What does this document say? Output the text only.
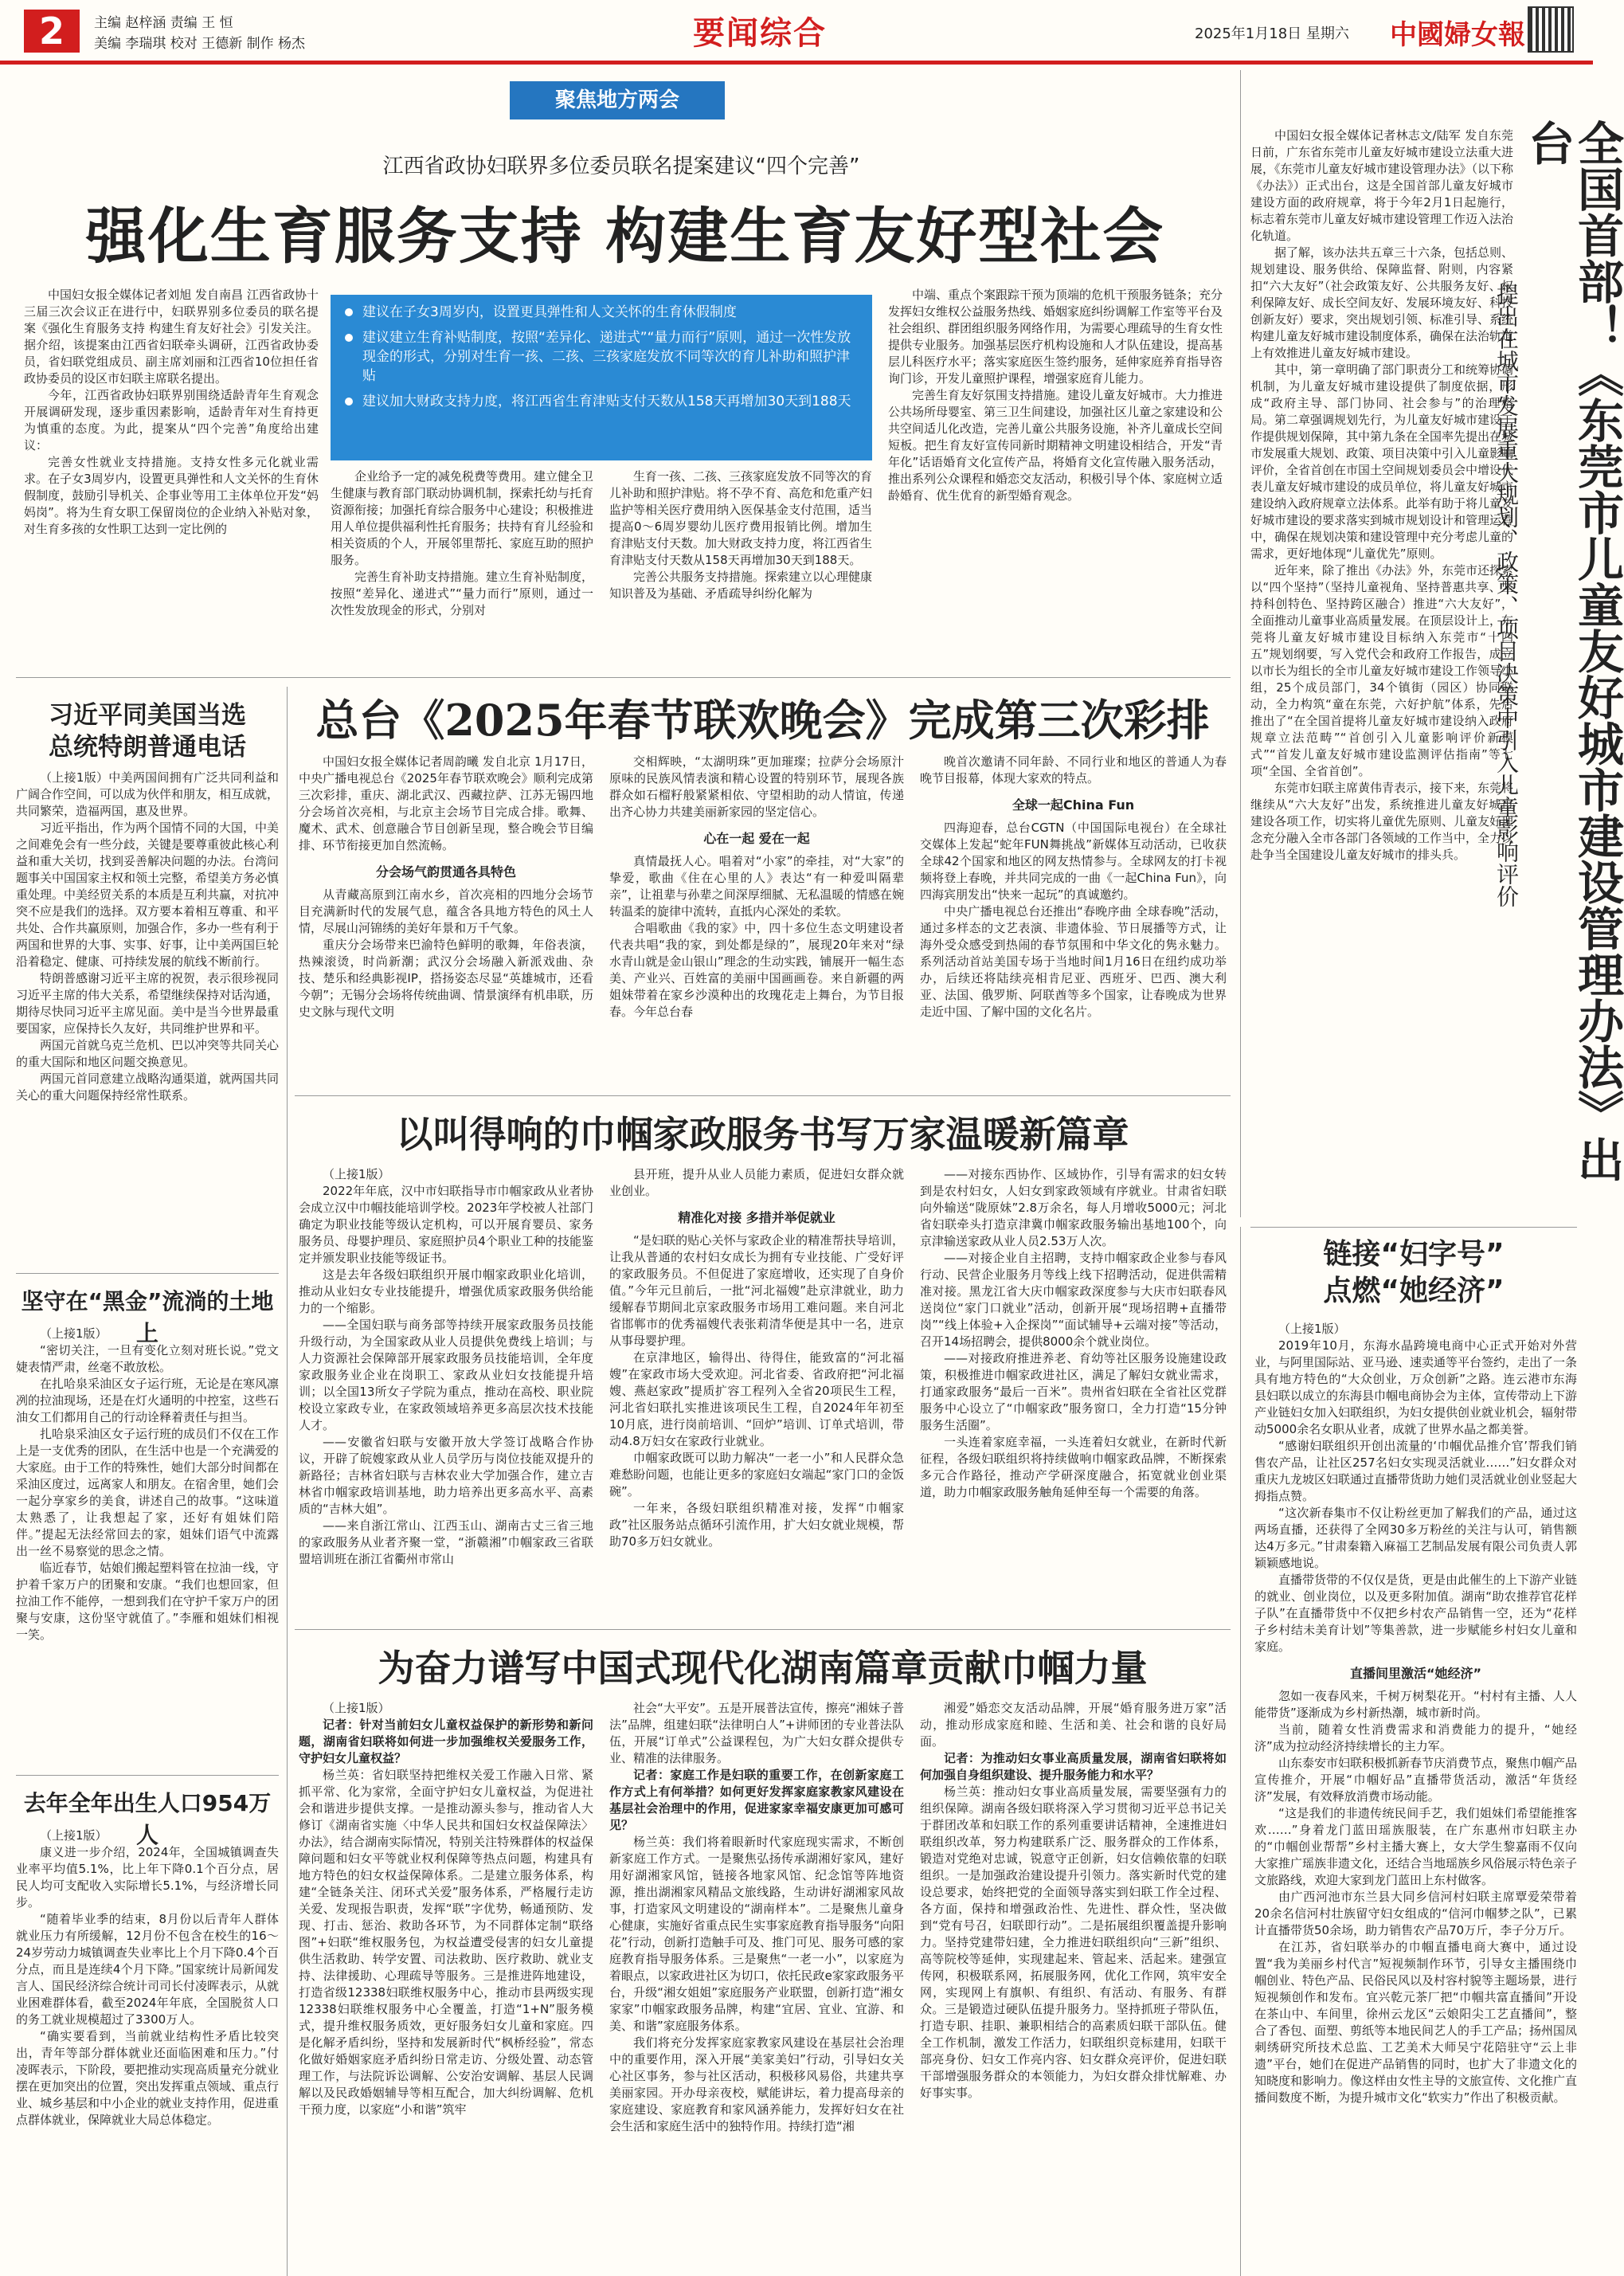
2	主编 赵梓涵 责编 王 恒
美编 李瑞琪 校对 王德新 制作 杨杰	要闻综合	2025年1月18日 星期六 中國婦女報
聚焦地方两会
江西省政协妇联界多位委员联名提案建议“四个完善”
强化生育服务支持 构建生育友好型社会

中国妇女报全媒体记者刘旭 发自南昌 江西省政协十三届三次会议正在进行中，妇联界别多位委员的联名提案《强化生育服务支持 构建生育友好社会》引发关注。据介绍，该提案由江西省妇联牵头调研，江西省政协委员，省妇联党组成员、副主席刘丽和江西省10位担任省政协委员的设区市妇联主席联名提出。

今年，江西省政协妇联界别围绕适龄青年生育观念开展调研发现，逐步重因素影响，适龄青年对生育持更为慎重的态度。为此，提案从“四个完善”角度给出建议：

完善女性就业支持措施。支持女性多元化就业需求。在子女3周岁内，设置更具弹性和人文关怀的生育休假制度，鼓励引导机关、企事业等用工主体单位开发“妈妈岗”。将为生育女职工保留岗位的企业纳入补贴对象，对生育多孩的女性职工达到一定比例的

建议在子女3周岁内，设置更具弹性和人文关怀的生育休假制度
建议建立生育补贴制度，按照“差异化、递进式”“量力而行”原则，通过一次性发放现金的形式，分别对生育一孩、二孩、三孩家庭发放不同等次的育儿补助和照护津贴
建议加大财政支持力度，将江西省生育津贴支付天数从158天再增加30天到188天

企业给予一定的减免税费等费用。建立健全卫生健康与教育部门联动协调机制，探索托幼与托育资源衔接；加强托育综合服务中心建设；积极推进用人单位提供福利性托育服务；扶持有育儿经验和相关资质的个人，开展邻里帮托、家庭互助的照护服务。

完善生育补助支持措施。建立生育补贴制度，按照“差异化、递进式”“量力而行”原则，通过一次性发放现金的形式，分别对

生育一孩、二孩、三孩家庭发放不同等次的育儿补助和照护津贴。将不孕不育、高危和危重产妇监护等相关医疗费用纳入医保基金支付范围，适当提高0～6周岁婴幼儿医疗费用报销比例。增加生育津贴支付天数。加大财政支持力度，将江西省生育津贴支付天数从158天再增加30天到188天。

完善公共服务支持措施。探索建立以心理健康知识普及为基础、矛盾疏导纠纷化解为

中端、重点个案跟踪干预为顶端的危机干预服务链条；充分发挥妇女维权公益服务热线、婚姻家庭纠纷调解工作室等平台及社会组织、群团组织服务网络作用，为需要心理疏导的生育女性提供专业服务。加强基层医疗机构设施和人才队伍建设，提高基层儿科医疗水平；落实家庭医生签约服务，延伸家庭养育指导咨询门诊，开发儿童照护课程，增强家庭育儿能力。

完善生育友好氛围支持措施。建设儿童友好城市。大力推进公共场所母婴室、第三卫生间建设，加强社区儿童之家建设和公共空间适儿化改造，完善儿童公共服务设施，补齐儿童成长空间短板。把生育友好宣传同新时期精神文明建设相结合，开发“青年化”话语婚育文化宣传产品，将婚育文化宣传融入服务活动，推出系列公众课程和婚恋交友活动，积极引导个体、家庭树立适龄婚育、优生优育的新型婚育观念。

中国妇女报全媒体记者林志文/陆军 发自东莞 日前，广东省东莞市儿童友好城市建设立法重大进展，《东莞市儿童友好城市建设管理办法》（以下称《办法》）正式出台，这是全国首部儿童友好城市建设方面的政府规章，将于今年2月1日起施行，标志着东莞市儿童友好城市建设管理工作迈入法治化轨道。

据了解，该办法共五章三十六条，包括总则、规划建设、服务供给、保障监督、附则，内容紧扣“六大友好”（社会政策友好、公共服务友好、权利保障友好、成长空间友好、发展环境友好、科技创新友好）要求，突出规划引领、标准引导、系统构建儿童友好城市建设制度体系，确保在法治轨道上有效推进儿童友好城市建设。

其中，第一章明确了部门职责分工和统筹协调机制，为儿童友好城市建设提供了制度依据，形成“政府主导、部门协同、社会参与”的治理格局。第二章强调规划先行，为儿童友好城市建设工作提供规划保障，其中第九条在全国率先提出在城市发展重大规划、政策、项目决策中引入儿童影响评价，全省首创在市国土空间规划委员会中增设代表儿童友好城市建设的成员单位，将儿童友好城市建设纳入政府规章立法体系。此举有助于将儿童友好城市建设的要求落实到城市规划设计和管理运营中，确保在规划决策和建设管理中充分考虑儿童的需求，更好地体现“儿童优先”原则。

近年来，除了推出《办法》外，东莞市还探索以“四个坚持”（坚持儿童视角、坚持普惠共享、坚持科创特色、坚持跨区融合）推进“六大友好”，全面推动儿童事业高质量发展。在顶层设计上，东莞将儿童友好城市建设目标纳入东莞市“十四五”规划纲要，写入党代会和政府工作报告，成立以市长为组长的全市儿童友好城市建设工作领导小组，25个成员部门，34个镇街（园区）协同联动，全力构筑“童在东莞，六好护航”体系，先后推出了“在全国首提将儿童友好城市建设纳入政府规章立法范畴”“首创引入儿童影响评价新模式”“首发儿童友好城市建设监测评估指南”等七项“全国、全省首创”。

东莞市妇联主席黄伟青表示，接下来，东莞将继续从“六大友好”出发，系统推进儿童友好城市建设各项工作，切实将儿童优先原则、儿童友好理念充分融入全市各部门各领域的工作当中，全力以赴争当全国建设儿童友好城市的排头兵。	全国首部！《东莞市儿童友好城市建设管理办法》出台
提出在城市发展重大规划、政策、项目决策中引入儿童影响评价
习近平同美国当选
总统特朗普通电话

（上接1版）中美两国间拥有广泛共同利益和广阔合作空间，可以成为伙伴和朋友，相互成就，共同繁荣，造福两国，惠及世界。

习近平指出，作为两个国情不同的大国，中美之间难免会有一些分歧，关键是要尊重彼此核心利益和重大关切，找到妥善解决问题的办法。台湾问题事关中国国家主权和领土完整，希望美方务必慎重处理。中美经贸关系的本质是互利共赢，对抗冲突不应是我们的选择。双方要本着相互尊重、和平共处、合作共赢原则，加强合作，多办一些有利于两国和世界的大事、实事、好事，让中美两国巨轮沿着稳定、健康、可持续发展的航线不断前行。

特朗普感谢习近平主席的祝贺，表示很珍视同习近平主席的伟大关系，希望继续保持对话沟通，期待尽快同习近平主席见面。美中是当今世界最重要国家，应保持长久友好，共同维护世界和平。

两国元首就乌克兰危机、巴以冲突等共同关心的重大国际和地区问题交换意见。

两国元首同意建立战略沟通渠道，就两国共同关心的重大问题保持经常性联系。

总台《2025年春节联欢晚会》完成第三次彩排

中国妇女报全媒体记者周韵曦 发自北京 1月17日，中央广播电视总台《2025年春节联欢晚会》顺利完成第三次彩排，重庆、湖北武汉、西藏拉萨、江苏无锡四地分会场首次亮相，与北京主会场节目完成合排。歌舞、魔术、武术、创意融合节目创新呈现，整合晚会节目编排、环节衔接更加自然流畅。

分会场气韵贯通各具特色

从青藏高原到江南水乡，首次亮相的四地分会场节目充满新时代的发展气息，蕴含各具地方特色的风土人情，尽展山河锦绣的美好年景和万千气象。

重庆分会场带来巴渝特色鲜明的歌舞，年俗表演，热辣滚烫，时尚新潮；武汉分会场融入新派戏曲、杂技、楚乐和经典影视IP，搭扬姿态尽显“英雄城市，还看今朝”；无锡分会场将传统曲调、情景演绎有机串联，历史文脉与现代文明

交相辉映，“太湖明珠”更加璀璨；拉萨分会场原汁原味的民族风情表演和精心设置的特别环节，展现各族群众如石榴籽般紧紧相依、守望相助的动人情谊，传递出齐心协力共建美丽新家园的坚定信心。

心在一起 爱在一起

真情最抚人心。唱着对“小家”的牵挂，对“大家”的挚爱，歌曲《住在心里的人》表达“有一种爱叫隔辈亲”，让祖辈与孙辈之间深厚细腻、无私温暖的情感在婉转温柔的旋律中流转，直抵内心深处的柔软。

合唱歌曲《我的家》中，四十多位生态文明建设者代表共唱“我的家，到处都是绿的”，展现20年来对“绿水青山就是金山银山”理念的生动实践，铺展开一幅生态美、产业兴、百姓富的美丽中国画画卷。来自新疆的两姐妹带着在家乡沙漠种出的玫瑰花走上舞台，为节目报春。今年总台春

晚首次邀请不同年龄、不同行业和地区的普通人为春晚节目报幕，体现大家欢的特点。

全球一起China Fun

四海迎春，总台CGTN（中国国际电视台）在全球社交媒体上发起“蛇年FUN舞挑战”新媒体互动活动，已收获全球42个国家和地区的网友热情参与。全球网友的打卡视频将登上春晚，并共同完成的一曲《一起China Fun》，向四海宾朋发出“快来一起玩”的真诚邀约。

中央广播电视总台还推出“春晚序曲 全球春晚”活动，通过多样态的文艺表演、非遗体验、节日展播等方式，让海外受众感受到热闹的春节氛围和中华文化的隽永魅力。系列活动首站美国专场于当地时间1月16日在纽约成功举办，后续还将陆续亮相肯尼亚、西班牙、巴西、澳大利亚、法国、俄罗斯、阿联酋等多个国家，让春晚成为世界走近中国、了解中国的文化名片。

以叫得响的巾帼家政服务书写万家温暖新篇章

（上接1版）

2022年年底，汉中市妇联指导市巾帼家政从业者协会成立汉中巾帼技能培训学校。2023年学校被人社部门确定为职业技能等级认定机构，可以开展育婴员、家务服务员、母婴护理员、家庭照护员4个职业工种的技能鉴定并颁发职业技能等级证书。

这是去年各级妇联组织开展巾帼家政职业化培训，推动从业妇女专业技能提升，增强优质家政服务供给能力的一个缩影。

——全国妇联与商务部等持续开展家政服务员技能升级行动，为全国家政从业人员提供免费线上培训；与人力资源社会保障部开展家政服务员技能培训，全年度家政服务业企业在岗职工、家政从业妇女技能提升培训；以全国13所女子学院为重点，推动在高校、职业院校设立家政专业，在家政领域培养更多高层次技术技能人才。

——安徽省妇联与安徽开放大学签订战略合作协议，开辟了皖嫂家政从业人员学历与岗位技能双提升的新路径；吉林省妇联与吉林农业大学加强合作，建立吉林省巾帼家政培训基地，助力培养出更多高水平、高素质的“吉林大姐”。

——来自浙江常山、江西玉山、湖南古丈三省三地的家政服务从业者齐聚一堂，“浙赣湘”巾帼家政三省联盟培训班在浙江省衢州市常山

县开班，提升从业人员能力素质，促进妇女群众就业创业。

精准化对接 多措并举促就业

“是妇联的贴心关怀与家政企业的精准帮扶导培训，让我从普通的农村妇女成长为拥有专业技能、广受好评的家政服务员。不但促进了家庭增收，还实现了自身价值。”今年元旦前后，一批“河北福嫂”赴京津就业，助力缓解春节期间北京家政服务市场用工难问题。来自河北省邯郸市的优秀福嫂代表张莉清华便是其中一名，进京从事母婴护理。

在京津地区，输得出、待得住，能致富的“河北福嫂”在家政市场大受欢迎。河北省委、省政府把“河北福嫂、燕赵家政”提质扩容工程列入全省20项民生工程，河北省妇联扎实推进该项民生工程，自2024年年初至10月底，进行岗前培训、“回炉”培训、订单式培训，带动4.8万妇女在家政行业就业。

巾帼家政既可以助力解决“一老一小”和人民群众急难愁盼问题，也能让更多的家庭妇女端起“家门口的金饭碗”。

一年来，各级妇联组织精准对接，发挥“巾帼家政”社区服务站点循环引流作用，扩大妇女就业规模，帮助70多万妇女就业。

——对接东西协作、区域协作，引导有需求的妇女转到是农村妇女，人妇女到家政领域有序就业。甘肃省妇联向外输送“陇原妹”2.8万余名，每人月增收5000元；河北省妇联牵头打造京津冀巾帼家政服务输出基地100个，向京津输送家政从业人员2.53万人次。

——对接企业自主招聘，支持巾帼家政企业参与春风行动、民营企业服务月等线上线下招聘活动，促进供需精准对接。黑龙江省大庆巾帼家政深度参与大庆市妇联春风送岗位“家门口就业”活动，创新开展“现场招聘+直播带岗”“线上体验+入企探岗”“面试辅导+云端对接”等活动，召开14场招聘会，提供8000余个就业岗位。

——对接政府推进养老、育幼等社区服务设施建设政策，积极推进巾帼家政进社区，满足了解妇女就业需求，打通家政服务“最后一百米”。贵州省妇联在全省社区党群服务中心设立了“巾帼家政”服务窗口，全力打造“15分钟服务生活圈”。

一头连着家庭幸福，一头连着妇女就业，在新时代新征程，各级妇联组织将持续做响巾帼家政品牌，不断探索多元合作路径，推动产学研深度融合，拓宽就业创业渠道，助力巾帼家政服务触角延伸至每一个需要的角落。

坚守在“黑金”流淌的土地上

（上接1版）

“密切关注，一旦有变化立刻对班长说。”党文婕表情严肃，丝毫不敢放松。

在扎哈泉采油区女子运行班，无论是在寒风凛冽的拉油现场，还是在灯火通明的中控室，这些石油女工们都用自己的行动诠释着责任与担当。

扎哈泉采油区女子运行班的成员们不仅在工作上是一支优秀的团队，在生活中也是一个充满爱的大家庭。由于工作的特殊性，她们大部分时间都在采油区度过，远离家人和朋友。在宿舍里，她们会一起分享家乡的美食，讲述自己的故事。“这味道太熟悉了，让我想起了家，还好有姐妹们陪伴。”提起无法经常回去的家，姐妹们语气中流露出一丝不易察觉的思念之情。

临近春节，姑娘们搬起塑料管在拉油一线，守护着千家万户的团聚和安康。“我们也想回家，但拉油工作不能停，一想到我们在守护千家万户的团聚与安康，这份坚守就值了。”李雁和姐妹们相视一笑。

去年全年出生人口954万人

（上接1版）

康义进一步介绍，2024年，全国城镇调查失业率平均值5.1%，比上年下降0.1个百分点，居民人均可支配收入实际增长5.1%，与经济增长同步。

“随着毕业季的结束，8月份以后青年人群体就业压力有所缓解，12月份不包含在校生的16～24岁劳动力城镇调查失业率比上个月下降0.4个百分点，而且是连续4个月下降。”国家统计局新闻发言人、国民经济综合统计司司长付凌晖表示，从就业困难群体看，截至2024年年底，全国脱贫人口的务工就业规模超过了3300万人。

“确实要看到，当前就业结构性矛盾比较突出，青年等部分群体就业还面临困难和压力。”付凌晖表示，下阶段，要把推动实现高质量充分就业摆在更加突出的位置，突出发挥重点领域、重点行业、城乡基层和中小企业的就业支持作用，促进重点群体就业，保障就业大局总体稳定。

为奋力谱写中国式现代化湖南篇章贡献巾帼力量

（上接1版）

记者：针对当前妇女儿童权益保护的新形势和新问题，湖南省妇联将如何进一步加强维权关爱服务工作，守护妇女儿童权益？

杨兰英：省妇联坚持把维权关爱工作融入日常、紧抓平常、化为家常，全面守护妇女儿童权益，为促进社会和谐进步提供支撑。一是推动源头参与，推动省人大修订《湖南省实施〈中华人民共和国妇女权益保障法〉办法》，结合湖南实际情况，特别关注特殊群体的权益保障问题和妇女平等就业权利保障等热点问题，构建具有地方特色的妇女权益保障体系。二是建立服务体系，构建“全链条关注、闭环式关爱”服务体系，严格履行走访关爱、发现报告职责，发挥“联”字优势，畅通预防、发现、打击、惩治、救助各环节，为不同群体定制“联络图”+妇联“维权服务包，为权益遭受侵害的妇女儿童提供生活救助、转学安置、司法救助、医疗救助、就业支持、法律援助、心理疏导等服务。三是推进阵地建设，打造省级12338妇联维权服务中心，推动市县两级实现12338妇联维权服务中心全覆盖，打造“1+N”服务模式，提升维权服务质效，更好服务妇女儿童和家庭。四是化解矛盾纠纷，坚持和发展新时代“枫桥经验”，常态化做好婚姻家庭矛盾纠纷日常走访、分级处置、动态管理工作，与法院诉讼调解、公安治安调解、基层人民调解以及民政婚姻辅导等相互配合，加大纠纷调解、危机干预力度，以家庭“小和谐”筑牢

社会“大平安”。五是开展普法宣传，擦亮“湘妹子普法”品牌，组建妇联“法律明白人”+讲师团的专业普法队伍，开展“订单式”公益课程包，为广大妇女群众提供专业、精准的法律服务。

记者：家庭工作是妇联的重要工作，在创新家庭工作方式上有何举措？如何更好发挥家庭家教家风建设在基层社会治理中的作用，促进家家幸福安康更加可感可见？

杨兰英：我们将着眼新时代家庭现实需求，不断创新家庭工作方式。一是聚焦弘扬传承湖湘好家风，建好用好湖湘家风馆，链接各地家风馆、纪念馆等阵地资源，推出湖湘家风精品文旅线路，生动讲好湖湘家风故事，打造家风文明建设的“湖南样本”。二是聚焦儿童身心健康，实施好省重点民生实事家庭教育指导服务“向阳花”行动，创新打造触手可及、推门可见、服务可感的家庭教育指导服务体系。三是聚焦“一老一小”，以家庭为着眼点，以家政进社区为切口，依托民政e家家政服务平台，升级“湘女姐姐”家庭服务产业联盟，创新打造“湘女家家”巾帼家政服务品牌，构建“宜居、宜业、宜游、和美、和谐”家庭服务体系。

我们将充分发挥家庭家教家风建设在基层社会治理中的重要作用，深入开展“美家美妇”行动，引导妇女关心社区事务，参与社区活动，积极移风易俗，共建共享美丽家园。开办母亲夜校，赋能讲坛，着力提高母亲的家庭建设、家庭教育和家风涵养能力，发挥好妇女在社会生活和家庭生活中的独特作用。持续打造“湘

湘爱”婚恋交友活动品牌，开展“婚育服务进万家”活动，推动形成家庭和睦、生活和美、社会和谐的良好局面。

记者：为推动妇女事业高质量发展，湖南省妇联将如何加强自身组织建设、提升服务能力和水平？

杨兰英：推动妇女事业高质量发展，需要坚强有力的组织保障。湖南各级妇联将深入学习贯彻习近平总书记关于群团改革和妇联工作的系列重要讲话精神，全速推进妇联组织改革，努力构建联系广泛、服务群众的工作体系，锻造对党绝对忠诚，锐意守正创新，妇女信赖依靠的妇联组织。一是加强政治建设提升引领力。落实新时代党的建设总要求，始终把党的全面领导落实到妇联工作全过程、各方面，保持和增强政治性、先进性、群众性，坚决做到“党有号召，妇联即行动”。二是拓展组织覆盖提升影响力。坚持党建带妇建，全力推进妇联组织向“三新”组织、高等院校等延伸，实现建起来、管起来、活起来。建强宣传网，积极联系网，拓展服务网，优化工作网，筑牢安全网，实现网上有旗帜、有组织、有活动、有服务、有群众。三是锻造过硬队伍提升服务力。坚持抓班子带队伍，打造专职、挂职、兼职相结合的高素质妇联干部队伍。健全工作机制，激发工作活力，妇联组织竞标建用，妇联干部亮身份、妇女工作亮内容、妇女群众亮评价，促进妇联干部增强服务群众的本领能力，为妇女群众排忧解难、办好事实事。

链接“妇字号”
点燃“她经济”

（上接1版）

2019年10月，东海水晶跨境电商中心正式开始对外营业，与阿里国际站、亚马逊、速卖通等平台签约，走出了一条具有地方特色的“大众创业，万众创新”之路。连云港市东海县妇联以成立的东海县巾帼电商协会为主体，宣传带动上下游产业链妇女加入妇联组织，为妇女提供创业就业机会，辐射带动5000余名女职从业者，成就了世界水晶之都美誉。

“感谢妇联组织开创出流量的‘巾帼优品推介官’帮我们销售农产品，让社区257名妇女实现灵活就业……”妇女群众对重庆九龙坡区妇联通过直播带货助力她们灵活就业创业竖起大拇指点赞。

“这次新春集市不仅让粉丝更加了解我们的产品，通过这两场直播，还获得了全网30多万粉丝的关注与认可，销售额达4万多元。”甘肃秦籍入麻福工艺制品发展有限公司负责人郭颖颖感地说。

直播带货带的不仅仅是货，更是由此催生的上下游产业链的就业、创业岗位，以及更多附加值。湖南“助农推荐官花样子队”在直播带货中不仅把乡村农产品销售一空，还为“花样子乡村结未美育计划”等集善款，进一步赋能乡村妇女儿童和家庭。

直播间里激活“她经济”

忽如一夜春风来，千树万树梨花开。“村村有主播、人人能带货”逐渐成为乡村新热潮，城市新时尚。

当前，随着女性消费需求和消费能力的提升，“她经济”成为拉动经济持续增长的主力军。

山东泰安市妇联积极抓新春节庆消费节点，聚焦巾帼产品宣传推介，开展“巾帼好品”直播带货活动，激活“年货经济”发展，有效释放消费市场动能。

“这是我们的非遗传统民间手艺，我们姐妹们希望能推客欢……”身着龙门蓝田瑶族服装，在广东惠州市妇联主办的“巾帼创业帮帮”乡村主播大赛上，女大学生黎嘉雨不仅向大家推广瑶族非遗文化，还结合当地瑶族乡风俗展示特色亲子文旅路线，欢迎大家到龙门蓝田上东村做客。

由广西河池市东兰县大同乡信河村妇联主席覃爱荣带着20余名信河村壮族留守妇女组成的“信河巾帼梦之队”，已累计直播带货50余场，助力销售农产品70万斤，李子分万斤。

在江苏，省妇联举办的巾帼直播电商大赛中，通过设置“我为美丽乡村代言”短视频制作环节，引导女主播围绕巾帼创业、特色产品、民俗民风以及村容村貌等主题场景，进行短视频创作和发布。宜兴乾元茶厂把“巾帼共富直播间”开设在茶山中、车间里，徐州云龙区“云娘阳尖工艺直播间”，整合了香包、面塑、剪纸等本地民间艺人的手工产品；扬州国凤刺绣研究所技术总监、工艺美术大师吴宁花陪驻守“云上非遗”平台，她们在促进产品销售的同时，也扩大了非遗文化的知晓度和影响力。像这样由女性主导的文旅宣传、文化推广直播间数度不断，为提升城市文化“软实力”作出了积极贡献。
